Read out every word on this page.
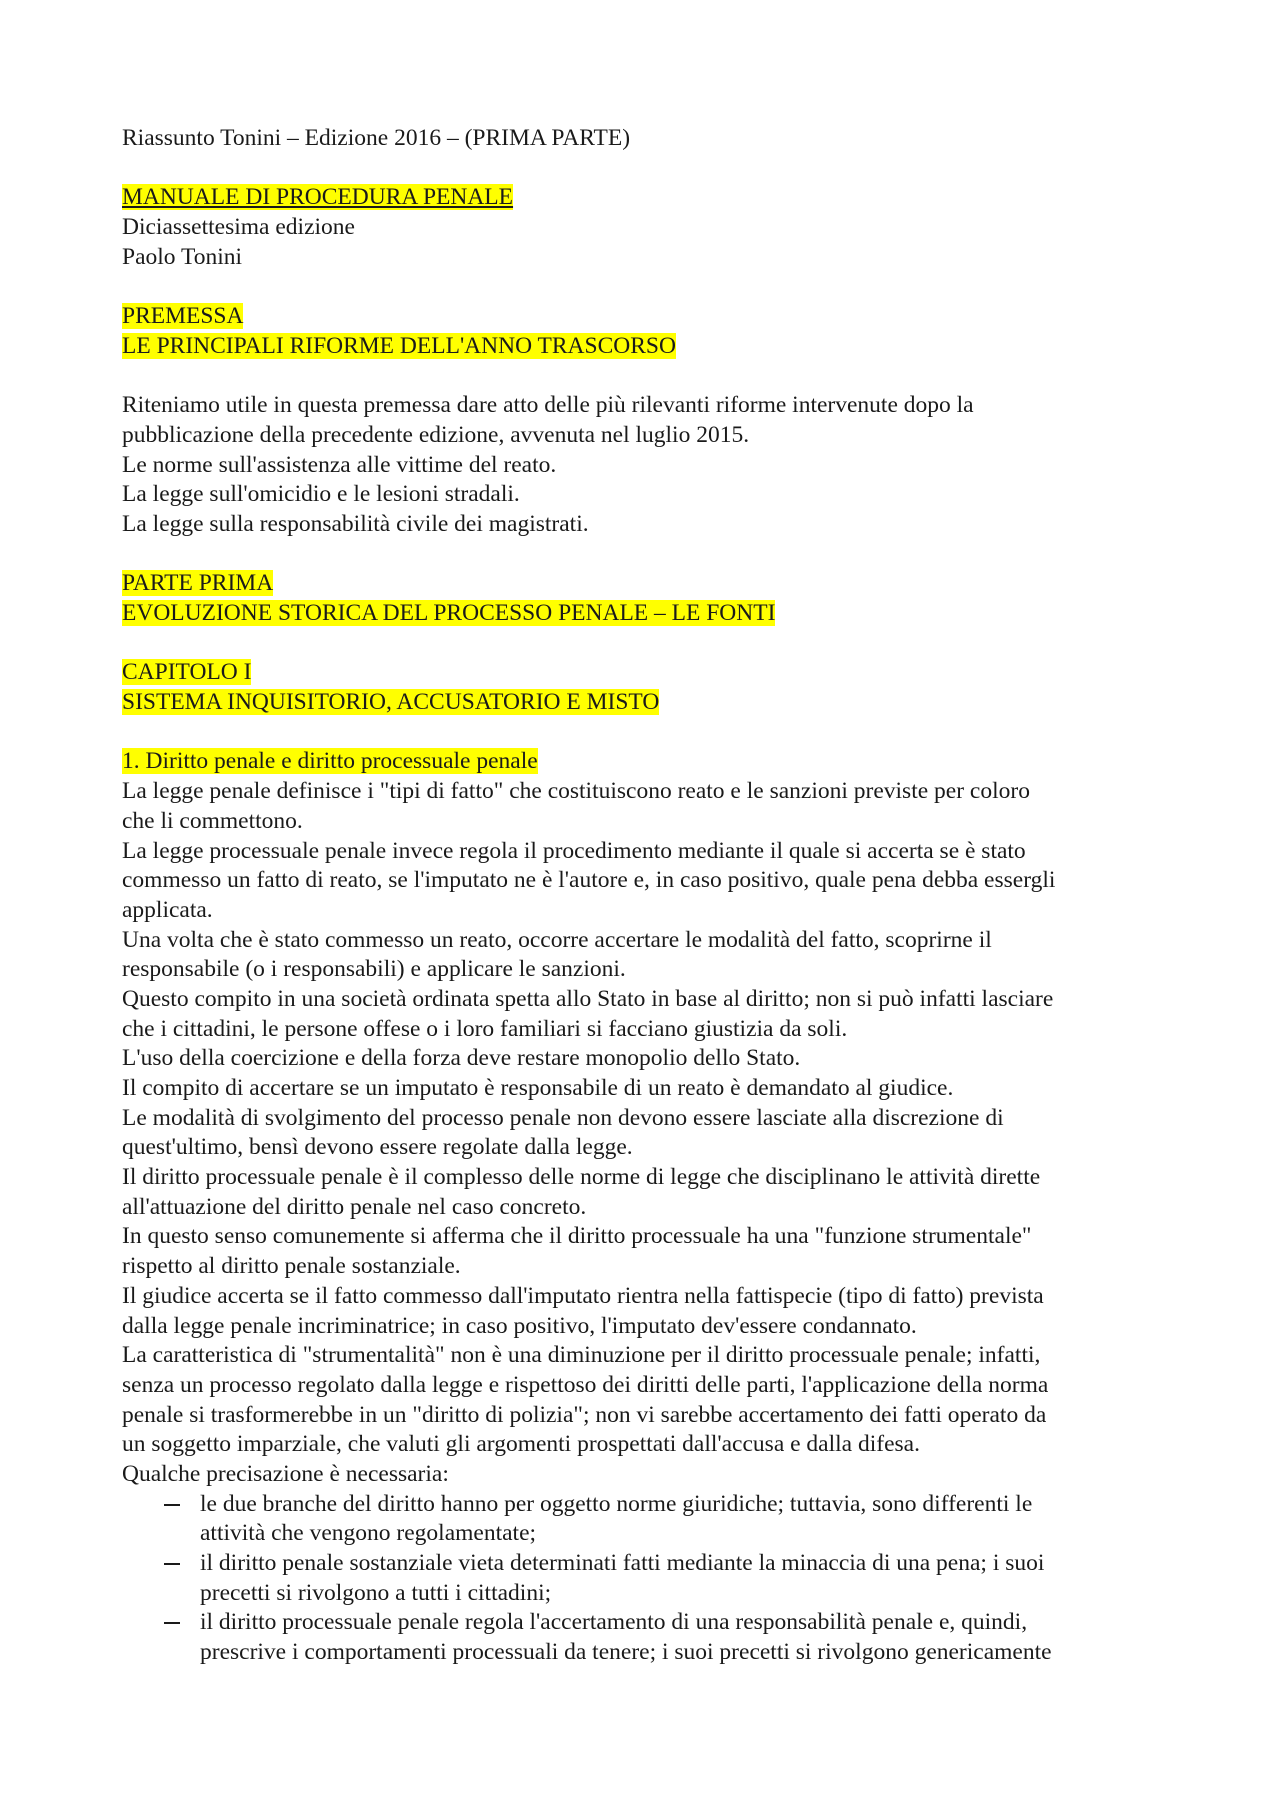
Riassunto Tonini – Edizione 2016 – (PRIMA PARTE)
MANUALE DI PROCEDURA PENALE
Diciassettesima edizione
Paolo Tonini
PREMESSA
LE PRINCIPALI RIFORME DELL'ANNO TRASCORSO
Riteniamo utile in questa premessa dare atto delle più rilevanti riforme intervenute dopo la
pubblicazione della precedente edizione, avvenuta nel luglio 2015.
Le norme sull'assistenza alle vittime del reato.
La legge sull'omicidio e le lesioni stradali.
La legge sulla responsabilità civile dei magistrati.
PARTE PRIMA
EVOLUZIONE STORICA DEL PROCESSO PENALE – LE FONTI
CAPITOLO I
SISTEMA INQUISITORIO, ACCUSATORIO E MISTO
1. Diritto penale e diritto processuale penale
La legge penale definisce i "tipi di fatto" che costituiscono reato e le sanzioni previste per coloro
che li commettono.
La legge processuale penale invece regola il procedimento mediante il quale si accerta se è stato
commesso un fatto di reato, se l'imputato ne è l'autore e, in caso positivo, quale pena debba essergli
applicata.
Una volta che è stato commesso un reato, occorre accertare le modalità del fatto, scoprirne il
responsabile (o i responsabili) e applicare le sanzioni.
Questo compito in una società ordinata spetta allo Stato in base al diritto; non si può infatti lasciare
che i cittadini, le persone offese o i loro familiari si facciano giustizia da soli.
L'uso della coercizione e della forza deve restare monopolio dello Stato.
Il compito di accertare se un imputato è responsabile di un reato è demandato al giudice.
Le modalità di svolgimento del processo penale non devono essere lasciate alla discrezione di
quest'ultimo, bensì devono essere regolate dalla legge.
Il diritto processuale penale è il complesso delle norme di legge che disciplinano le attività dirette
all'attuazione del diritto penale nel caso concreto.
In questo senso comunemente si afferma che il diritto processuale ha una "funzione strumentale"
rispetto al diritto penale sostanziale.
Il giudice accerta se il fatto commesso dall'imputato rientra nella fattispecie (tipo di fatto) prevista
dalla legge penale incriminatrice; in caso positivo, l'imputato dev'essere condannato.
La caratteristica di "strumentalità" non è una diminuzione per il diritto processuale penale; infatti,
senza un processo regolato dalla legge e rispettoso dei diritti delle parti, l'applicazione della norma
penale si trasformerebbe in un "diritto di polizia"; non vi sarebbe accertamento dei fatti operato da
un soggetto imparziale, che valuti gli argomenti prospettati dall'accusa e dalla difesa.
Qualche precisazione è necessaria:
le due branche del diritto hanno per oggetto norme giuridiche; tuttavia, sono differenti le
attività che vengono regolamentate;
il diritto penale sostanziale vieta determinati fatti mediante la minaccia di una pena; i suoi
precetti si rivolgono a tutti i cittadini;
il diritto processuale penale regola l'accertamento di una responsabilità penale e, quindi,
prescrive i comportamenti processuali da tenere; i suoi precetti si rivolgono genericamente
